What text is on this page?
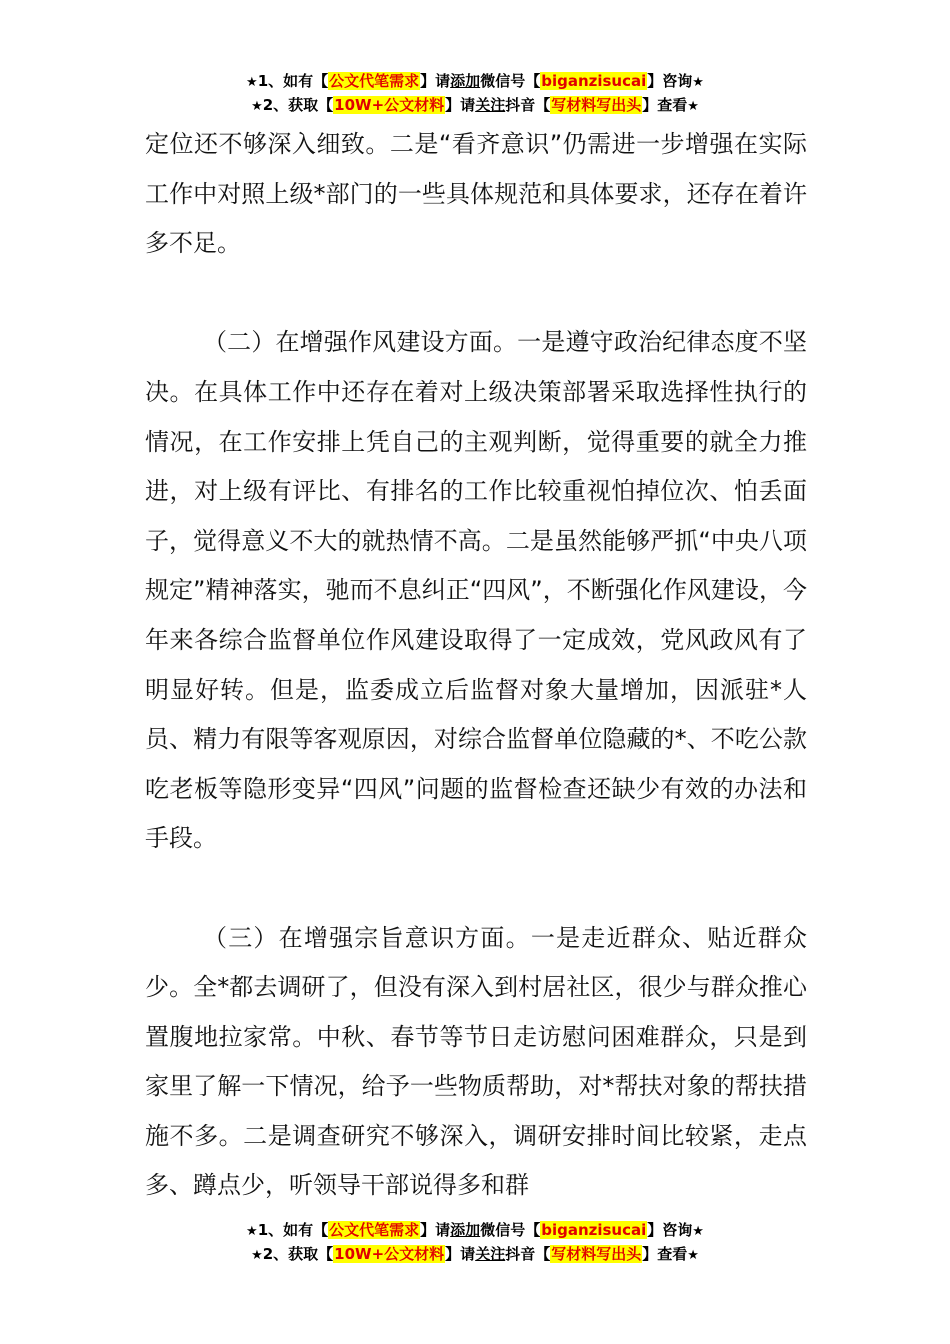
★1、如有【公文代笔需求】请添加微信号【biganzisucai】咨询★
★2、获取【10W+公文材料】请关注抖音【写材料写出头】查看★

定位还不够深入细致。二是“看齐意识”仍需进一步增强在实际工作中对照上级*部门的一些具体规范和具体要求，还存在着许多不足。

（二）在增强作风建设方面。一是遵守政治纪律态度不坚决。在具体工作中还存在着对上级决策部署采取选择性执行的情况，在工作安排上凭自己的主观判断，觉得重要的就全力推进，对上级有评比、有排名的工作比较重视怕掉位次、怕丢面子，觉得意义不大的就热情不高。二是虽然能够严抓“中央八项规定”精神落实，驰而不息纠正“四风”，不断强化作风建设，今年来各综合监督单位作风建设取得了一定成效，党风政风有了明显好转。但是，监委成立后监督对象大量增加，因派驻*人员、精力有限等客观原因，对综合监督单位隐藏的*、不吃公款吃老板等隐形变异“四风”问题的监督检查还缺少有效的办法和手段。

（三）在增强宗旨意识方面。一是走近群众、贴近群众少。全*都去调研了，但没有深入到村居社区，很少与群众推心置腹地拉家常。中秋、春节等节日走访慰问困难群众，只是到家里了解一下情况，给予一些物质帮助，对*帮扶对象的帮扶措施不多。二是调查研究不够深入，调研安排时间比较紧，走点多、蹲点少，听领导干部说得多和群

★1、如有【公文代笔需求】请添加微信号【biganzisucai】咨询★
★2、获取【10W+公文材料】请关注抖音【写材料写出头】查看★
